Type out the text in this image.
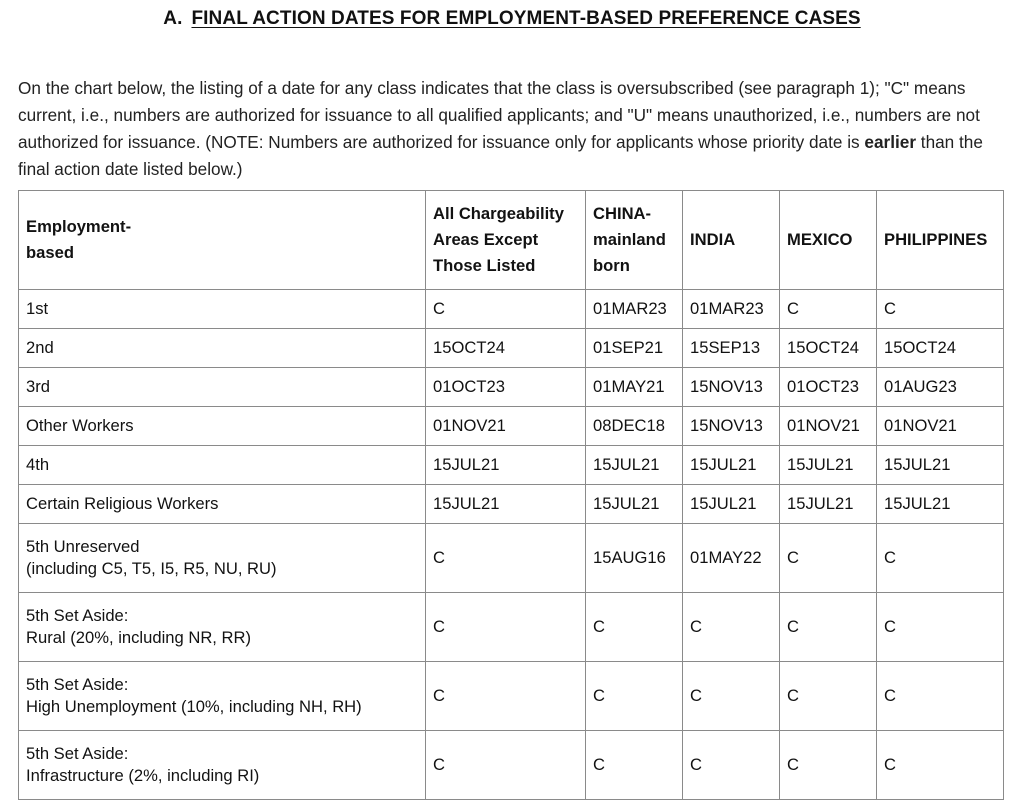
A. FINAL ACTION DATES FOR EMPLOYMENT-BASED PREFERENCE CASES

On the chart below, the listing of a date for any class indicates that the class is oversubscribed (see paragraph 1); "C" means current, i.e., numbers are authorized for issuance to all qualified applicants; and "U" means unauthorized, i.e., numbers are not authorized for issuance. (NOTE: Numbers are authorized for issuance only for applicants whose priority date is earlier than the final action date listed below.)

Employment-
based	All Chargeability
Areas Except
Those Listed	CHINA-
mainland
born	INDIA	MEXICO	PHILIPPINES

1st	C	01MAR23	01MAR23	C	C

2nd	15OCT24	01SEP21	15SEP13	15OCT24	15OCT24

3rd	01OCT23	01MAY21	15NOV13	01OCT23	01AUG23

Other Workers	01NOV21	08DEC18	15NOV13	01NOV21	01NOV21

4th	15JUL21	15JUL21	15JUL21	15JUL21	15JUL21

Certain Religious Workers	15JUL21	15JUL21	15JUL21	15JUL21	15JUL21

5th Unreserved
(including C5, T5, I5, R5, NU, RU)	C	15AUG16	01MAY22	C	C

5th Set Aside:
Rural (20%, including NR, RR)	C	C	C	C	C

5th Set Aside:
High Unemployment (10%, including NH, RH)	C	C	C	C	C

5th Set Aside:
Infrastructure (2%, including RI)	C	C	C	C	C
